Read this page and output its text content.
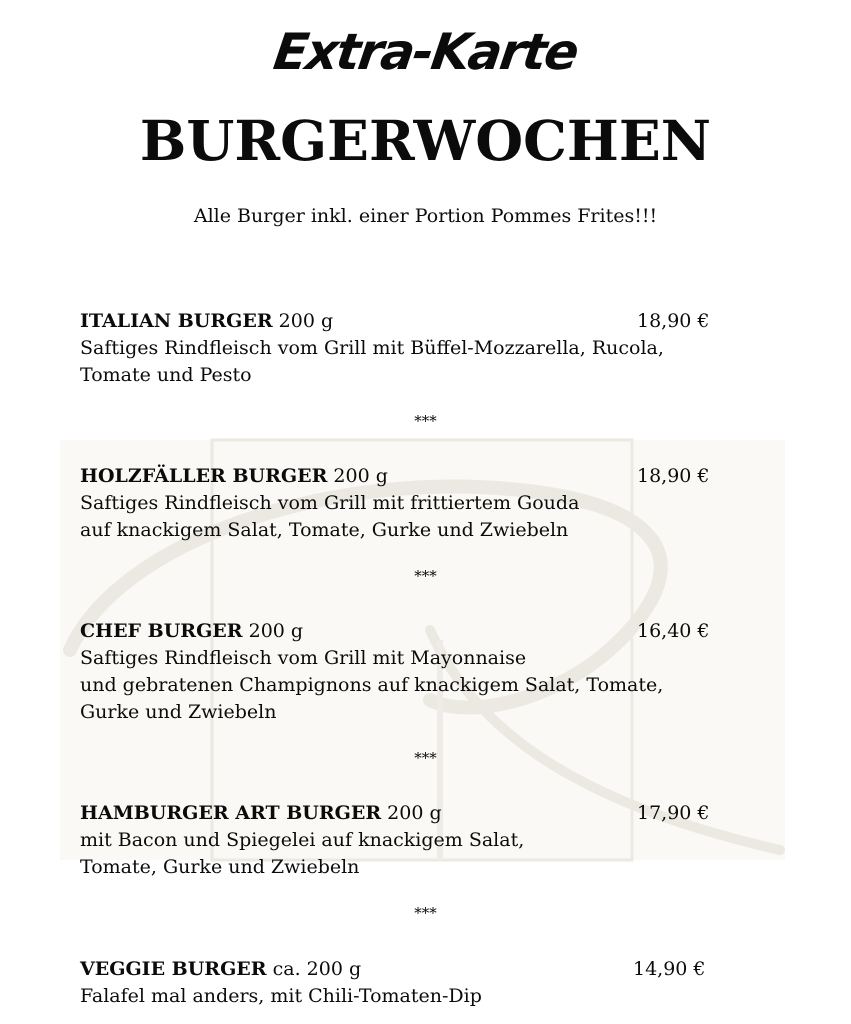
Extra-Karte
BURGERWOCHEN
Alle Burger inkl. einer Portion Pommes Frites!!!
ITALIAN BURGER 200 g	18,90 €
Saftiges Rindfleisch vom Grill mit Büffel-Mozzarella, Rucola,
Tomate und Pesto
***
HOLZFÄLLER BURGER 200 g	18,90 €
Saftiges Rindfleisch vom Grill mit frittiertem Gouda
auf knackigem Salat, Tomate, Gurke und Zwiebeln
***
CHEF BURGER 200 g	16,40 €
Saftiges Rindfleisch vom Grill mit Mayonnaise
und gebratenen Champignons auf knackigem Salat, Tomate,
Gurke und Zwiebeln
***
HAMBURGER ART BURGER 200 g	17,90 €
mit Bacon und Spiegelei auf knackigem Salat,
Tomate, Gurke und Zwiebeln
***
VEGGIE BURGER ca. 200 g	14,90 €
Falafel mal anders, mit Chili-Tomaten-Dip
